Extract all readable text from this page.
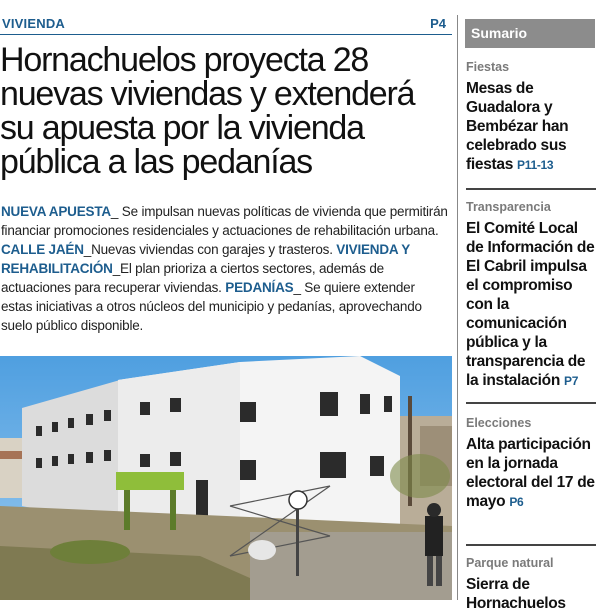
VIVIENDA	P4
Hornachuelos proyecta 28
nuevas viviendas y extenderá
su apuesta por la vivienda
pública a las pedanías

NUEVA APUESTA_ Se impulsan nuevas políticas de vivienda que permitirán financiar promociones residenciales y actuaciones de rehabilitación urbana. CALLE JAÉN_Nuevas viviendas con garajes y trasteros. VIVIENDA Y REHABILITACIÓN_El plan prioriza a ciertos sectores, además de actuaciones para recuperar viviendas. PEDANÍAS_ Se quiere extender estas iniciativas a otros núcleos del municipio y pedanías, aprovechando suelo público disponible.

Sumario
Fiestas
Mesas de Guadalora y Bembézar han celebrado sus fiestas P11-13
Transparencia
El Comité Local de Información de El Cabril impulsa el compromiso con la comunicación pública y la transparencia de la instalación P7
Elecciones
Alta participación en la jornada electoral del 17 de mayo P6
Parque natural
Sierra de Hornachuelos
